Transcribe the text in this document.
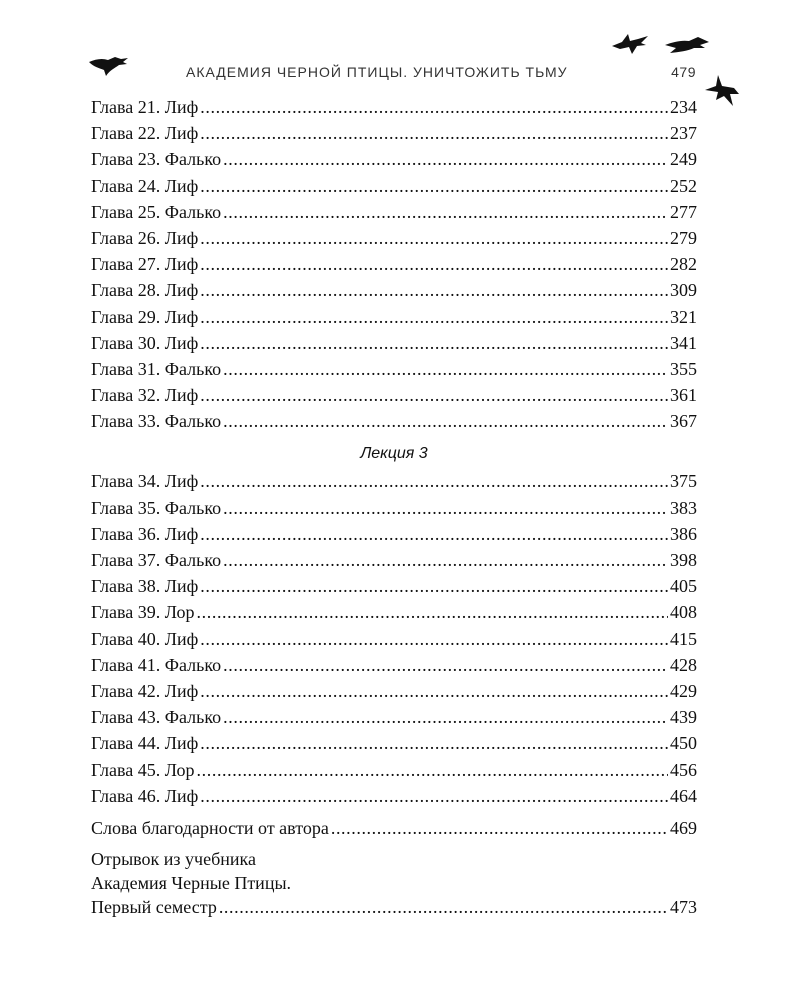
АКАДЕМИЯ ЧЕРНОЙ ПТИЦЫ. УНИЧТОЖИТЬ ТЬМУ	479
Глава 21. Лиф .....	234
Глава 22. Лиф .....	237
Глава 23. Фалько .....	249
Глава 24. Лиф .....	252
Глава 25. Фалько .....	277
Глава 26. Лиф .....	279
Глава 27. Лиф .....	282
Глава 28. Лиф .....	309
Глава 29. Лиф .....	321
Глава 30. Лиф .....	341
Глава 31. Фалько .....	355
Глава 32. Лиф .....	361
Глава 33. Фалько .....	367
Лекция 3
Глава 34. Лиф .....	375
Глава 35. Фалько .....	383
Глава 36. Лиф .....	386
Глава 37. Фалько .....	398
Глава 38. Лиф .....	405
Глава 39. Лор .....	408
Глава 40. Лиф .....	415
Глава 41. Фалько .....	428
Глава 42. Лиф .....	429
Глава 43. Фалько .....	439
Глава 44. Лиф .....	450
Глава 45. Лор .....	456
Глава 46. Лиф .....	464
Слова благодарности от автора .....	469
Отрывок из учебника
Академия Черные Птицы.
Первый семестр .....	473
